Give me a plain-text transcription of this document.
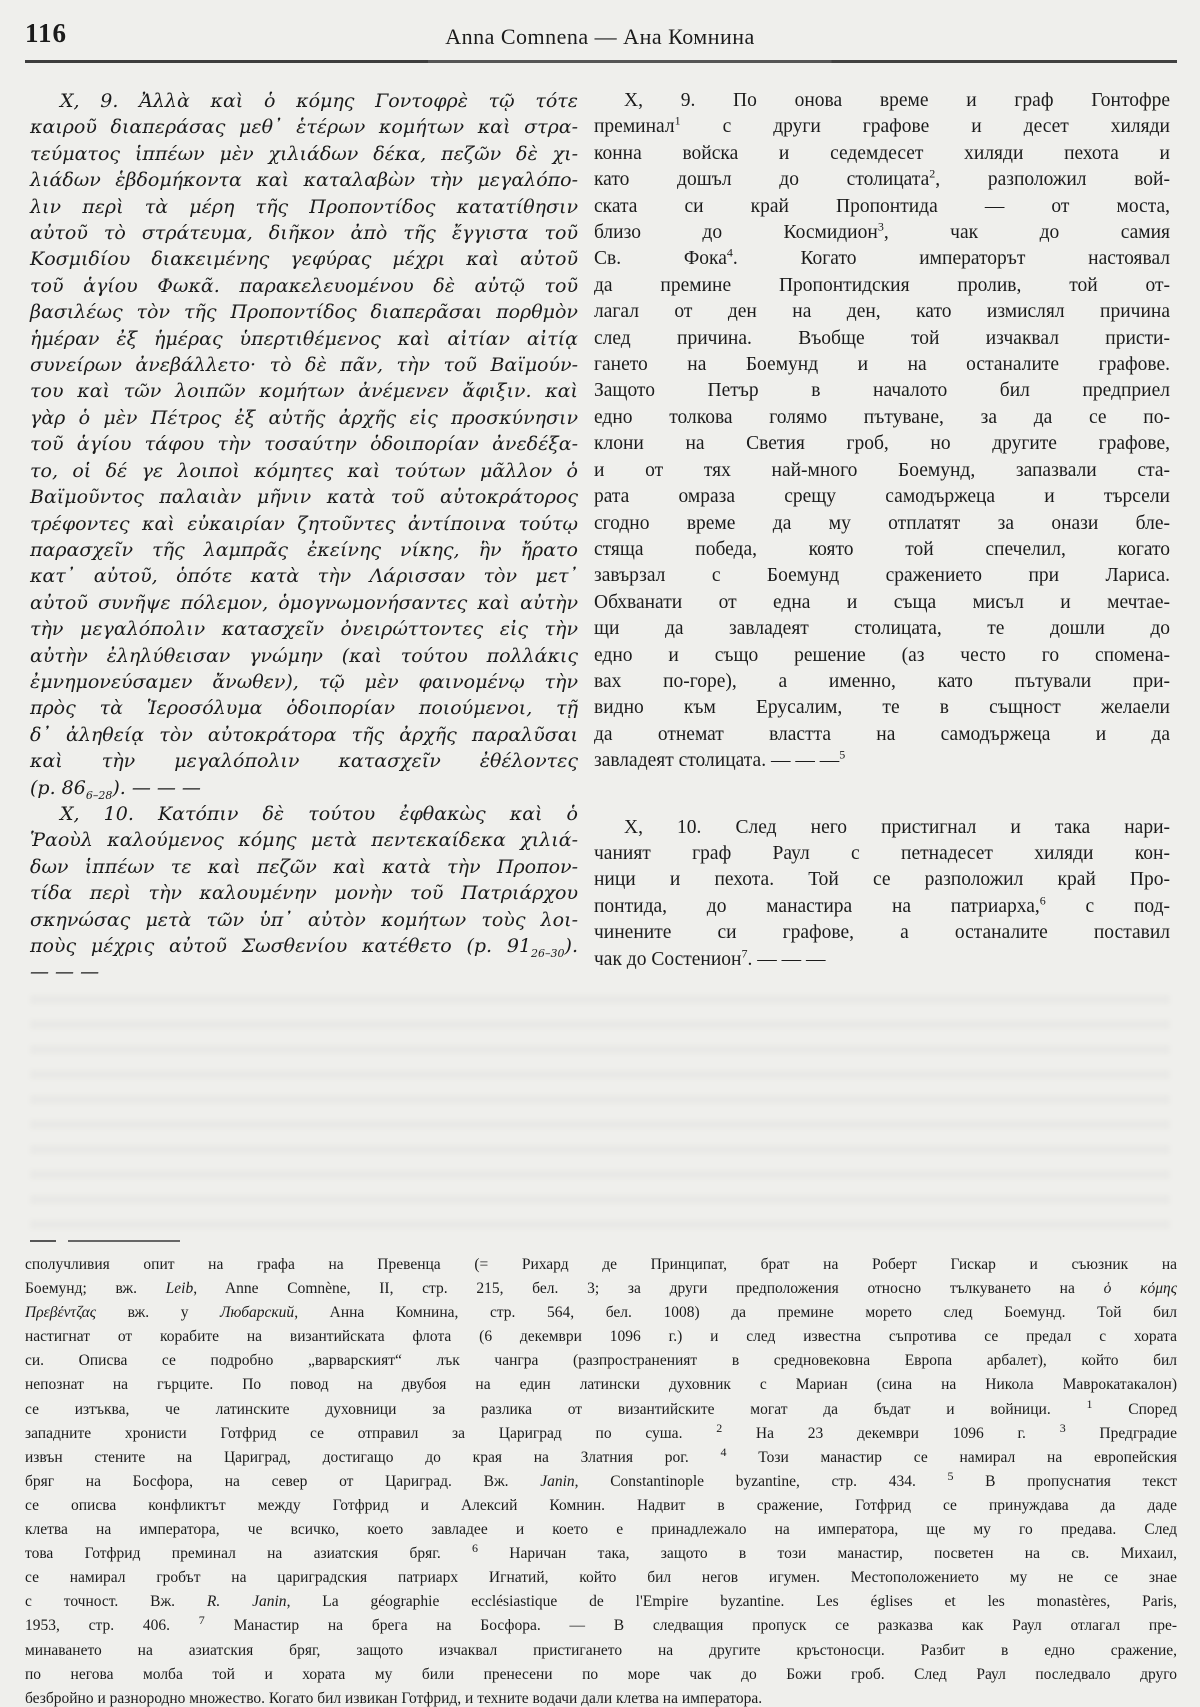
116	Anna Comnena — Ана Комнина
X, 9. Ἀλλὰ καὶ ὁ κόμης Γοντοφρὲ τῷ τότε
καιροῦ διαπεράσας μεθ᾿ ἑτέρων κομήτων καὶ στρα-
τεύματος ἱππέων μὲν χιλιάδων δέκα, πεζῶν δὲ χι-
λιάδων ἑβδομήκοντα καὶ καταλαβὼν τὴν μεγαλόπο-
λιν περὶ τὰ μέρη τῆς Προποντίδος κατατίθησιν
αὐτοῦ τὸ στράτευμα, διῆκον ἀπὸ τῆς ἔγγιστα τοῦ
Κοσμιδίου διακειμένης γεφύρας μέχρι καὶ αὐτοῦ
τοῦ ἁγίου Φωκᾶ. παρακελευομένου δὲ αὐτῷ τοῦ
βασιλέως τὸν τῆς Προποντίδος διαπερᾶσαι πορθμὸν
ἡμέραν ἐξ ἡμέρας ὑπερτιθέμενος καὶ αἰτίαν αἰτίᾳ
συνείρων ἀνεβάλλετο· τὸ δὲ πᾶν, τὴν τοῦ Βαϊμούν-
του καὶ τῶν λοιπῶν κομήτων ἀνέμενεν ἄφιξιν. καὶ
γὰρ ὁ μὲν Πέτρος ἐξ αὐτῆς ἀρχῆς εἰς προσκύνησιν
τοῦ ἁγίου τάφου τὴν τοσαύτην ὁδοιπορίαν ἀνεδέξα-
το, οἱ δέ γε λοιποὶ κόμητες καὶ τούτων μᾶλλον ὁ
Βαϊμοῦντος παλαιὰν μῆνιν κατὰ τοῦ αὐτοκράτορος
τρέφοντες καὶ εὐκαιρίαν ζητοῦντες ἀντίποινα τούτῳ
παρασχεῖν τῆς λαμπρᾶς ἐκείνης νίκης, ἣν ἤρατο
κατ᾿ αὐτοῦ, ὁπότε κατὰ τὴν Λάρισσαν τὸν μετ᾿
αὐτοῦ συνῆψε πόλεμον, ὁμογνωμονήσαντες καὶ αὐτὴν
τὴν μεγαλόπολιν κατασχεῖν ὀνειρώττοντες εἰς τὴν
αὐτὴν ἐληλύθεισαν γνώμην (καὶ τούτου πολλάκις
ἐμνημονεύσαμεν ἄνωθεν), τῷ μὲν φαινομένῳ τὴν
πρὸς τὰ Ἱεροσόλυμα ὁδοιπορίαν ποιούμενοι, τῇ
δ᾿ ἀληθείᾳ τὸν αὐτοκράτορα τῆς ἀρχῆς παραλῦσαι
καὶ τὴν μεγαλόπολιν κατασχεῖν ἐθέλοντες
(p. $86_{6-28}$). — — —
X, 10. Κατόπιν δὲ τούτου ἐφθακὼς καὶ ὁ
Ῥαοὺλ καλούμενος κόμης μετὰ πεντεκαίδεκα χιλιά-
δων ἱππέων τε καὶ πεζῶν καὶ κατὰ τὴν Προπον-
τίδα περὶ τὴν καλουμένην μονὴν τοῦ Πατριάρχου
σκηνώσας μετὰ τῶν ὑπ᾿ αὐτὸν κομήτων τοὺς λοι-
ποὺς μέχρις αὐτοῦ Σωσθενίου κατέθετο (p. $91_{26-30}$).
— — —
X, 9. По онова време и граф Гонтофре
преминал$^1$ с други графове и десет хиляди
конна войска и седемдесет хиляди пехота и
като дошъл до столицата$^2$, разположил вой-
ската си край Пропонтида — от моста,
близо до Космидион$^3$, чак до самия
Св. Фока$^4$. Когато императорът настоявал
да премине Пропонтидския пролив, той от-
лагал от ден на ден, като измислял причина
след причина. Въобще той изчаквал присти-
гането на Боемунд и на останалите графове.
Защото Петър в началото бил предприел
едно толкова голямо пътуване, за да се по-
клони на Светия гроб, но другите графове,
и от тях най-много Боемунд, запазвали ста-
рата омраза срещу самодържеца и търсели
сгодно време да му отплатят за онази бле-
стяща победа, която той спечелил, когато
завързал с Боемунд сражението при Лариса.
Обхванати от една и съща мисъл и мечтае-
щи да завладеят столицата, те дошли до
едно и също решение (аз често го спомена-
вах по-горе), а именно, като пътували при-
видно към Ерусалим, те в същност желаели
да отнемат властта на самодържеца и да
завладеят столицата. — — —$^5$
X, 10. След него пристигнал и така нари-
чаният граф Раул с петнадесет хиляди кон-
ници и пехота. Той се разположил край Про-
понтида, до манастира на патриарха,$^6$ с под-
чинените си графове, а останалите поставил
чак до Состенион$^7$. — — —
сполучливия опит на графа на Превенца (= Рихард де Принципат, брат на Роберт Гискар и съюзник на
Боемунд; вж. Leib, Anne Comnène, II, стр. 215, бел. 3; за други предположения относно тълкуването на ὁ κόμης
Πρεβέντζας вж. у Любарский, Анна Комнина, стр. 564, бел. 1008) да премине морето след Боемунд. Той бил
настигнат от корабите на византийската флота (6 декември 1096 г.) и след известна съпротива се предал с хората
си. Описва се подробно „варварският“ лък чангра (разпространеният в средновековна Европа арбалет), който бил
непознат на гърците. По повод на двубоя на един латински духовник с Мариан (сина на Никола Маврокатакалон)
се изтъква, че латинските духовници за разлика от византийските могат да бъдат и войници. $^1$ Според
западните хронисти Готфрид се отправил за Цариград по суша. $^2$ На 23 декември 1096 г. $^3$ Предградие
извън стените на Цариград, достигащо до края на Златния рог. $^4$ Този манастир се намирал на европейския
бряг на Босфора, на север от Цариград. Вж. Janin, Constantinople byzantine, стр. 434. $^5$ В пропуснатия текст
се описва конфликтът между Готфрид и Алексий Комнин. Надвит в сражение, Готфрид се принуждава да даде
клетва на императора, че всичко, което завладее и което е принадлежало на императора, ще му го предава. След
това Готфрид преминал на азиатския бряг. $^6$ Наричан така, защото в този манастир, посветен на св. Михаил,
се намирал гробът на цариградския патриарх Игнатий, който бил негов игумен. Местоположението му не се знае
с точност. Вж. R. Janin, La géographie ecclésiastique de l'Empire byzantine. Les églises et les monastères, Paris,
1953, стр. 406. $^7$ Манастир на брега на Босфора. — В следващия пропуск се разказва как Раул отлагал пре-
минаването на азиатския бряг, защото изчаквал пристигането на другите кръстоносци. Разбит в едно сражение,
по негова молба той и хората му били пренесени по море чак до Божи гроб. След Раул последвало друго
безбройно и разнородно множество. Когато бил извикан Готфрид, и техните водачи дали клетва на императора.
